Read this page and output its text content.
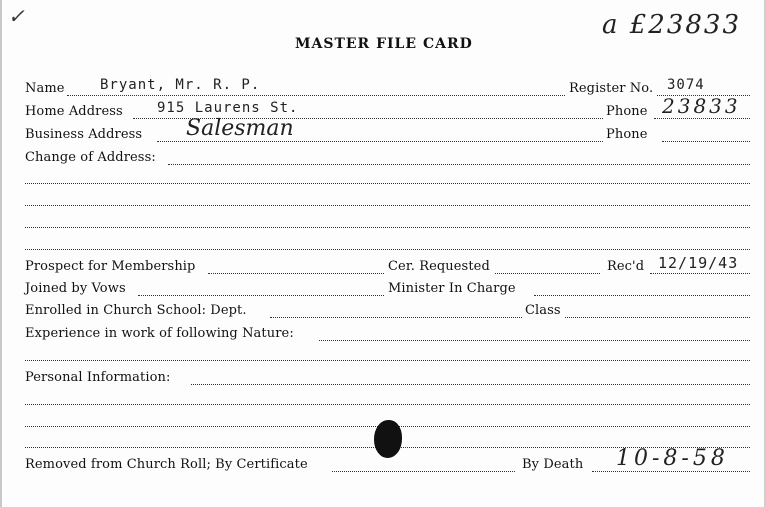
✓	a £23833
MASTER FILE CARD
Name	Bryant, Mr. R. P.	Register No. 3074
Home Address 915 Laurens St.	Phone 23833
Business Address Salesman	Phone
Change of Address:
Prospect for Membership	Cer. Requested	Rec'd 12/19/43
Joined by Vows	Minister In Charge
Enrolled in Church School: Dept.	Class
Experience in work of following Nature:
Personal Information:
Removed from Church Roll; By Certificate	By Death 10-8-58
